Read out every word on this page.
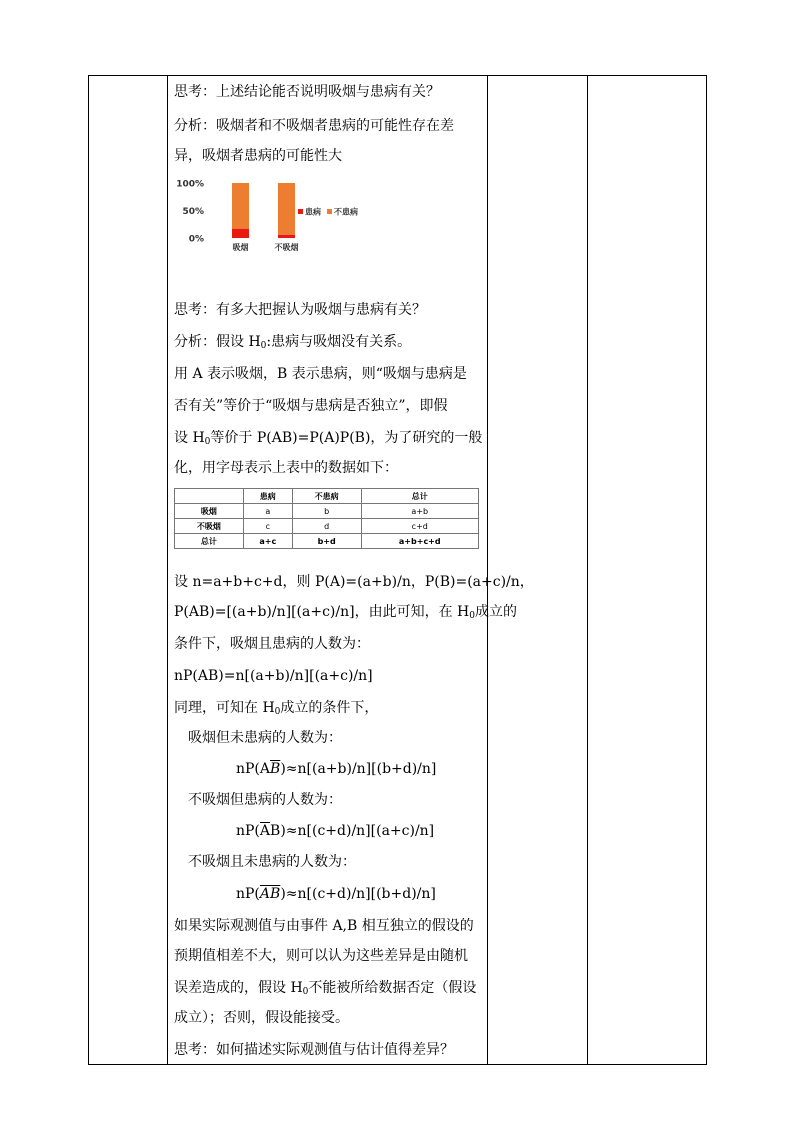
思考：上述结论能否说明吸烟与患病有关？
分析：吸烟者和不吸烟者患病的可能性存在差
异，吸烟者患病的可能性大
100%
50%
0%
吸烟	不吸烟
患病 不患病
思考：有多大把握认为吸烟与患病有关？
分析：假设 $H_0$:患病与吸烟没有关系。
用 A 表示吸烟，B 表示患病，则“吸烟与患病是
否有关”等价于“吸烟与患病是否独立”，即假
设 $H_0$等价于 P(AB)=P(A)P(B)，为了研究的一般
化，用字母表示上表中的数据如下：
	患病	不患病	总计
吸烟	a	b	a+b
不吸烟	c	d	c+d
总计	a+c	b+d	a+b+c+d
设 n=a+b+c+d，则 P(A)=(a+b)/n，P(B)=(a+c)/n，
P(AB)=[(a+b)/n][(a+c)/n]，由此可知，在 $H_0$成立的
条件下，吸烟且患病的人数为：
nP(AB)=n[(a+b)/n][(a+c)/n]
同理，可知在 $H_0$成立的条件下，
吸烟但未患病的人数为：
$nP(A\overline{B})\approx n[(a+b)/n][(b+d)/n]$
不吸烟但患病的人数为：
$nP(\overline{A}B)\approx n[(c+d)/n][(a+c)/n]$
不吸烟且未患病的人数为：
$nP(\overline{AB})\approx n[(c+d)/n][(b+d)/n]$
如果实际观测值与由事件 A,B 相互独立的假设的
预期值相差不大，则可以认为这些差异是由随机
误差造成的，假设 $H_0$不能被所给数据否定（假设
成立）；否则，假设能接受。
思考：如何描述实际观测值与估计值得差异？
